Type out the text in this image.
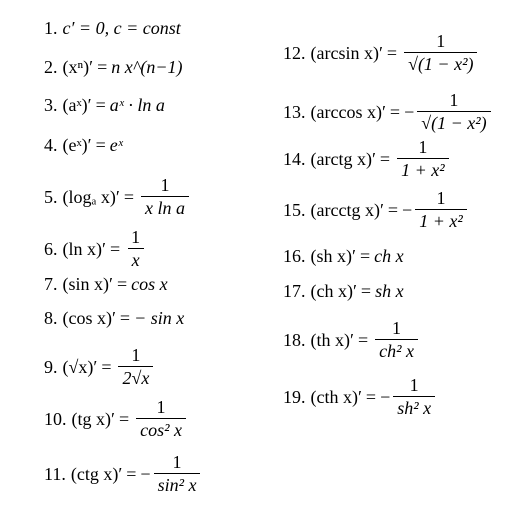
1. c′ = 0, c = const
2. (xⁿ)′ = n x^(n−1)
3. (aˣ)′ = aˣ · ln a
4. (eˣ)′ = eˣ
5. (logₐ $x)' = \frac{1}{\text{x ln a}}$
6. (ln $x)' = \frac{1}{x}$
7. (sin x)′ = cos x
8. (cos x)′ = − sin x
9. $(√x)' = \frac{1}{2√x}$
10. (tg $x)' = \frac{1}{\text{cos² x}}$
11. (ctg x)′ = − $\frac{1}{\text{sin² x}}$
12. (arcsin $x)' = \frac{1}{\text{√(1 − x²)}}$
13. (arccos x)′ = − $\frac{1}{\text{√(1 − x²)}}$
14. (arctg $x)' = \frac{1}{\text{1 + x²}}$
15. (arcctg x)′ = − $\frac{1}{\text{1 + x²}}$
16. (sh x)′ = ch x
17. (ch x)′ = sh x
18. (th $x)' = \frac{1}{\text{ch² x}}$
19. (cth x)′ = − $\frac{1}{\text{sh² x}}$
